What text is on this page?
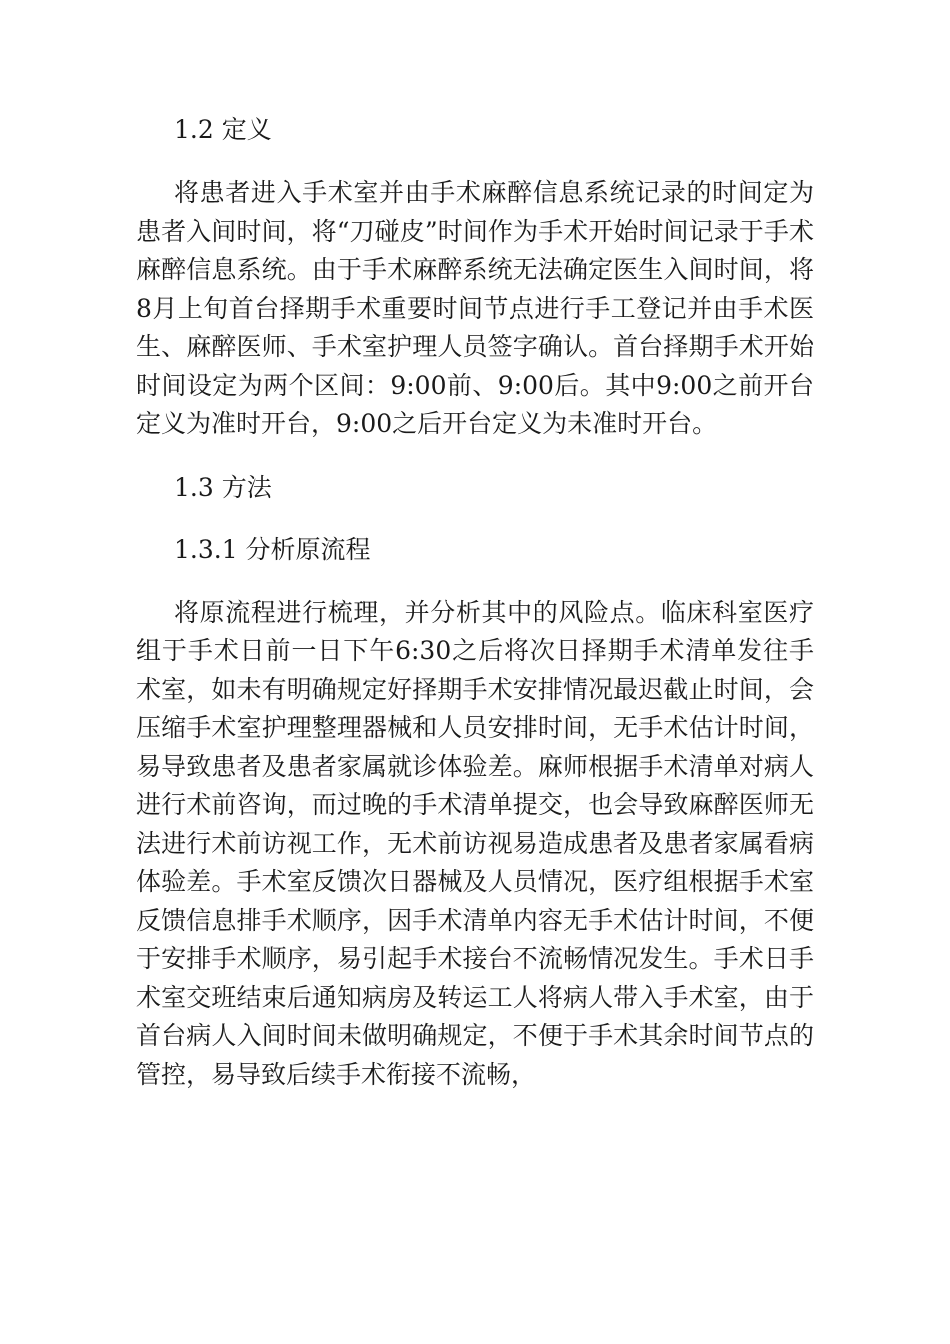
1.2 定义

将患者进入手术室并由手术麻醉信息系统记录的时间定为患者入间时间，将“刀碰皮”时间作为手术开始时间记录于手术麻醉信息系统。由于手术麻醉系统无法确定医生入间时间，将8月上旬首台择期手术重要时间节点进行手工登记并由手术医生、麻醉医师、手术室护理人员签字确认。首台择期手术开始时间设定为两个区间：9:00前、9:00后。其中9:00之前开台定义为准时开台，9:00之后开台定义为未准时开台。

1.3 方法
1.3.1 分析原流程

将原流程进行梳理，并分析其中的风险点。临床科室医疗组于手术日前一日下午6:30之后将次日择期手术清单发往手术室，如未有明确规定好择期手术安排情况最迟截止时间，会压缩手术室护理整理器械和人员安排时间，无手术估计时间，易导致患者及患者家属就诊体验差。麻师根据手术清单对病人进行术前咨询，而过晚的手术清单提交，也会导致麻醉医师无法进行术前访视工作，无术前访视易造成患者及患者家属看病体验差。手术室反馈次日器械及人员情况，医疗组根据手术室反馈信息排手术顺序，因手术清单内容无手术估计时间，不便于安排手术顺序，易引起手术接台不流畅情况发生。手术日手术室交班结束后通知病房及转运工人将病人带入手术室，由于首台病人入间时间未做明确规定，不便于手术其余时间节点的管控，易导致后续手术衔接不流畅，
